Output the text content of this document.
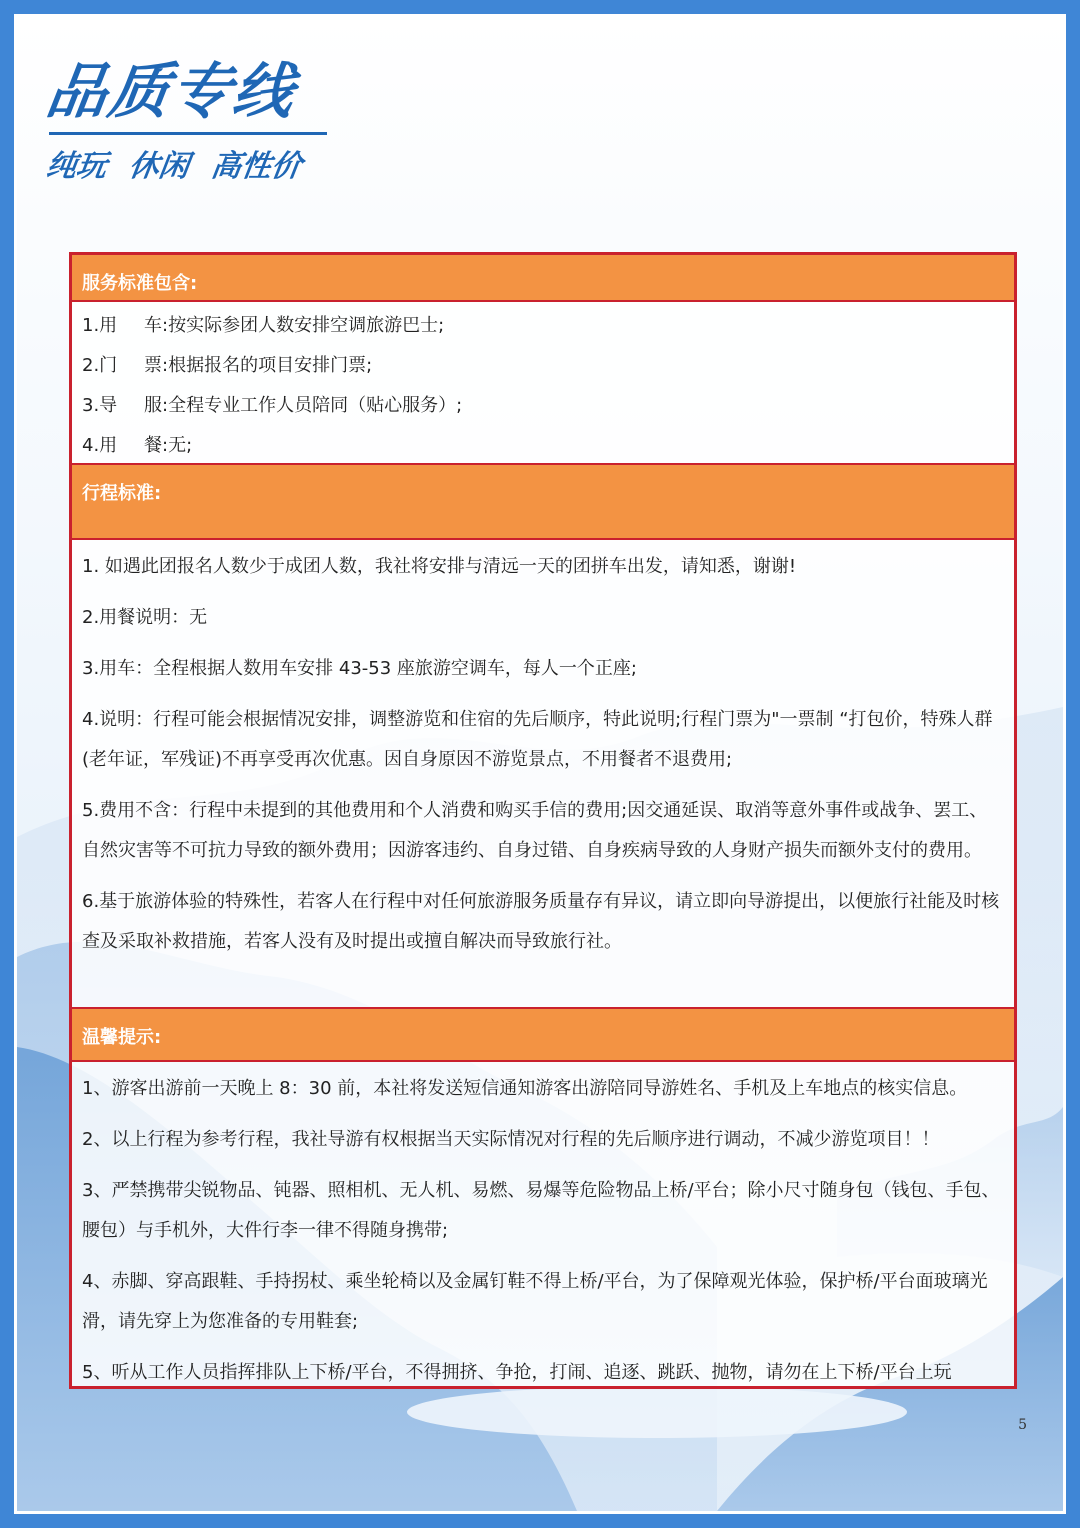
品质专线
纯玩 休闲 高性价
服务标准包含:
1.用 车:按实际参团人数安排空调旅游巴士;
2.门 票:根据报名的项目安排门票;
3.导 服:全程专业工作人员陪同（贴心服务）;
4.用 餐:无;
行程标准:
1. 如遇此团报名人数少于成团人数，我社将安排与清远一天的团拼车出发，请知悉，谢谢!
2.用餐说明：无
3.用车：全程根据人数用车安排 43-53 座旅游空调车，每人一个正座;
4.说明：行程可能会根据情况安排，调整游览和住宿的先后顺序，特此说明;行程门票为"一票制 “打包价，特殊人群(老年证，军残证)不再享受再次优惠。因自身原因不游览景点，不用餐者不退费用;
5.费用不含：行程中未提到的其他费用和个人消费和购买手信的费用;因交通延误、取消等意外事件或战争、罢工、自然灾害等不可抗力导致的额外费用；因游客违约、自身过错、自身疾病导致的人身财产损失而额外支付的费用。
6.基于旅游体验的特殊性，若客人在行程中对任何旅游服务质量存有异议，请立即向导游提出，以便旅行社能及时核查及采取补救措施，若客人没有及时提出或擅自解决而导致旅行社。
温馨提示:
1、游客出游前一天晚上 8：30 前，本社将发送短信通知游客出游陪同导游姓名、手机及上车地点的核实信息。
2、以上行程为参考行程，我社导游有权根据当天实际情况对行程的先后顺序进行调动，不减少游览项目！！
3、严禁携带尖锐物品、钝器、照相机、无人机、易燃、易爆等危险物品上桥/平台；除小尺寸随身包（钱包、手包、腰包）与手机外，大件行李一律不得随身携带;
4、赤脚、穿高跟鞋、手持拐杖、乘坐轮椅以及金属钉鞋不得上桥/平台，为了保障观光体验，保护桥/平台面玻璃光滑，请先穿上为您准备的专用鞋套;
5、听从工作人员指挥排队上下桥/平台，不得拥挤、争抢，打闹、追逐、跳跃、抛物，请勿在上下桥/平台上玩
5
